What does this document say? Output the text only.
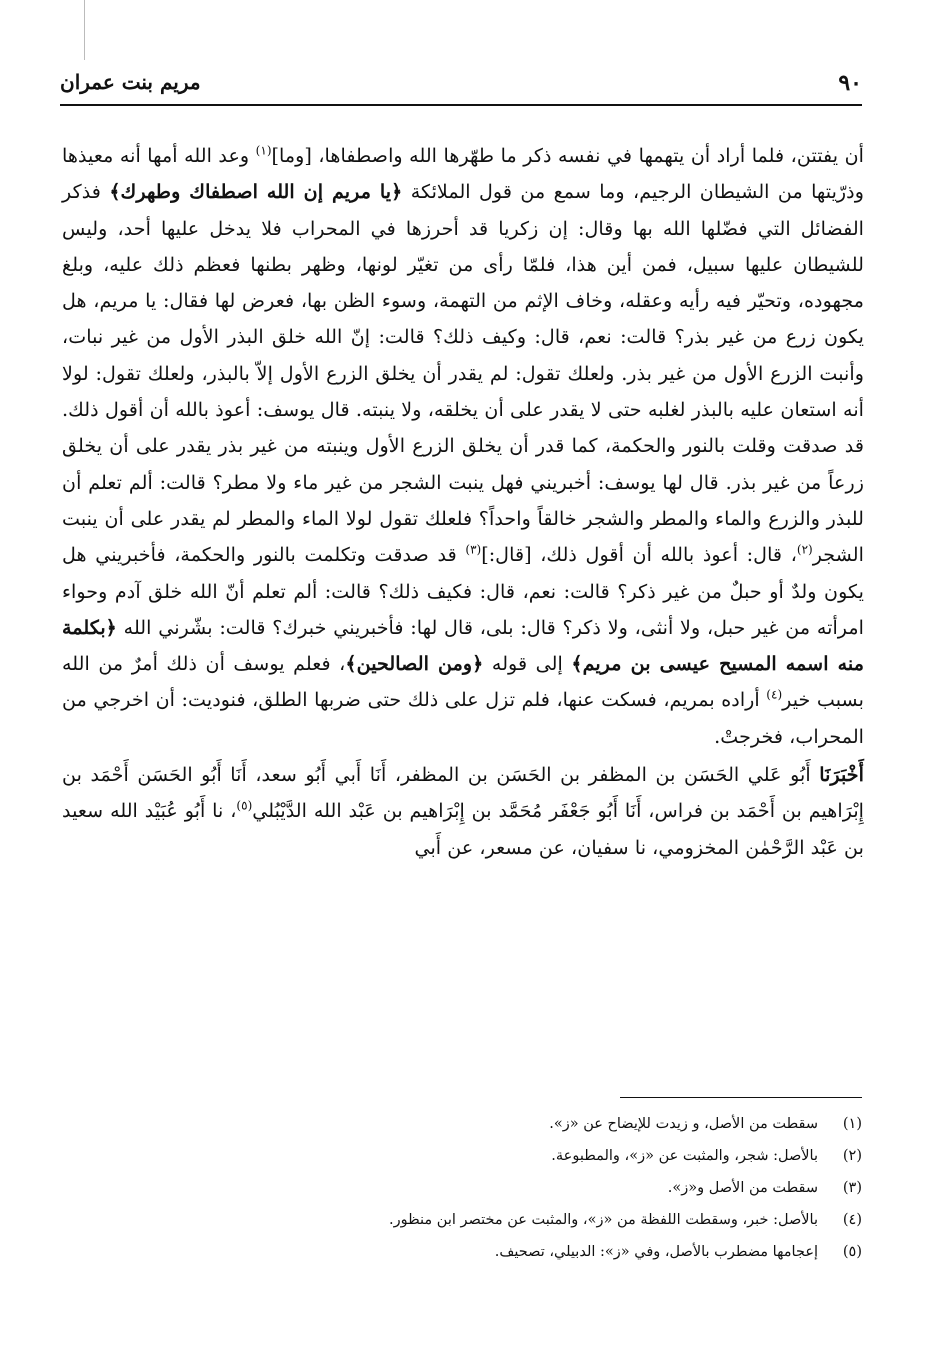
٩٠
مريم بنت عمران

أن يفتتن، فلما أراد أن يتهمها في نفسه ذكر ما طهّرها الله واصطفاها، [وما]$^{(١)}$ وعد الله أمها أنه معيذها وذرّيتها من الشيطان الرجيم، وما سمع من قول الملائكة ﴿يا مريم إن الله اصطفاك وطهرك﴾ فذكر الفضائل التي فضّلها الله بها وقال: إن زكريا قد أحرزها في المحراب فلا يدخل عليها أحد، وليس للشيطان عليها سبيل، فمن أين هذا، فلمّا رأى من تغيّر لونها، وظهر بطنها فعظم ذلك عليه، وبلغ مجهوده، وتحيّر فيه رأيه وعقله، وخاف الإثم من التهمة، وسوء الظن بها، فعرض لها فقال: يا مريم، هل يكون زرع من غير بذر؟ قالت: نعم، قال: وكيف ذلك؟ قالت: إنّ الله خلق البذر الأول من غير نبات، وأنبت الزرع الأول من غير بذر. ولعلك تقول: لم يقدر أن يخلق الزرع الأول إلاّ بالبذر، ولعلك تقول: لولا أنه استعان عليه بالبذر لغلبه حتى لا يقدر على أن يخلقه، ولا ينبته. قال يوسف: أعوذ بالله أن أقول ذلك. قد صدقت وقلت بالنور والحكمة، كما قدر أن يخلق الزرع الأول وينبته من غير بذر يقدر على أن يخلق زرعاً من غير بذر. قال لها يوسف: أخبريني فهل ينبت الشجر من غير ماء ولا مطر؟ قالت: ألم تعلم أن للبذر والزرع والماء والمطر والشجر خالقاً واحداً؟ فلعلك تقول لولا الماء والمطر لم يقدر على أن ينبت الشجر$^{(٢)}$، قال: أعوذ بالله أن أقول ذلك، [قال:]$^{(٣)}$ قد صدقت وتكلمت بالنور والحكمة، فأخبريني هل يكون ولدٌ أو حبلٌ من غير ذكر؟ قالت: نعم، قال: فكيف ذلك؟ قالت: ألم تعلم أنّ الله خلق آدم وحواء امرأته من غير حبل، ولا أنثى، ولا ذكر؟ قال: بلى، قال لها: فأخبريني خبرك؟ قالت: بشّرني الله ﴿بكلمة منه اسمه المسيح عيسى بن مريم﴾ إلى قوله ﴿ومن الصالحين﴾، فعلم يوسف أن ذلك أمرٌ من الله بسبب خير$^{(٤)}$ أراده بمريم، فسكت عنها، فلم تزل على ذلك حتى ضربها الطلق، فنوديت: أن اخرجي من المحراب، فخرجتْ.

أَخْبَرَنَا أَبُو عَلي الحَسَن بن المظفر بن الحَسَن بن المظفر، أَنَا أَبي أَبُو سعد، أَنَا أَبُو الحَسَن أَحْمَد بن إِبْرَاهيم بن أَحْمَد بن فراس، أَنَا أَبُو جَعْفَر مُحَمَّد بن إِبْرَاهيم بن عَبْد الله الدَّيْبُلي$^{(٥)}$، نا أَبُو عُبَيْد الله سعيد بن عَبْد الرَّحْمٰن المخزومي، نا سفيان، عن مسعر، عن أَبي

(١)
سقطت من الأصل، و زيدت للإيضاح عن «ز».
(٢)
بالأصل: شجر، والمثبت عن «ز»، والمطبوعة.
(٣)
سقطت من الأصل و«ز».
(٤)
بالأصل: خبر، وسقطت اللفظة من «ز»، والمثبت عن مختصر ابن منظور.
(٥)
إعجامها مضطرب بالأصل، وفي «ز»: الدبيلي، تصحيف.
